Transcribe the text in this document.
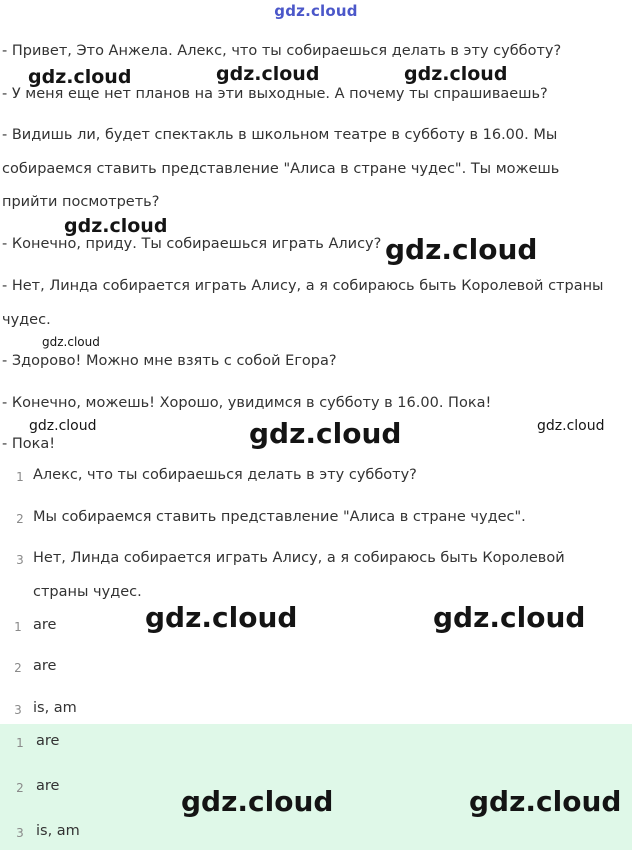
gdz.cloud
- Привет, Это Анжела. Алекс, что ты собираешься делать в эту субботу?
- У меня еще нет планов на эти выходные. А почему ты спрашиваешь?
- Видишь ли, будет спектакль в школьном театре в субботу в 16.00. Мы
собираемся ставить представление "Алиса в стране чудес". Ты можешь
прийти посмотреть?
- Конечно, приду. Ты собираешься играть Алису?
- Нет, Линда собирается играть Алису, а я собираюсь быть Королевой страны
чудес.
- Здорово! Можно мне взять с собой Егора?
- Конечно, можешь! Хорошо, увидимся в субботу в 16.00. Пока!
- Пока!
1 Алекс, что ты собираешься делать в эту субботу?
2 Мы собираемся ставить представление "Алиса в стране чудес".
3 Нет, Линда собирается играть Алису, а я собираюсь быть Королевой
страны чудес.
1 are
2 are
3 is, am
1 are
2 are
3 is, am
gdz.cloud	gdz.cloud	gdz.cloud
gdz.cloud
gdz.cloud
gdz.cloud
gdz.cloud	gdz.cloud	gdz.cloud
gdz.cloud	gdz.cloud
gdz.cloud	gdz.cloud
